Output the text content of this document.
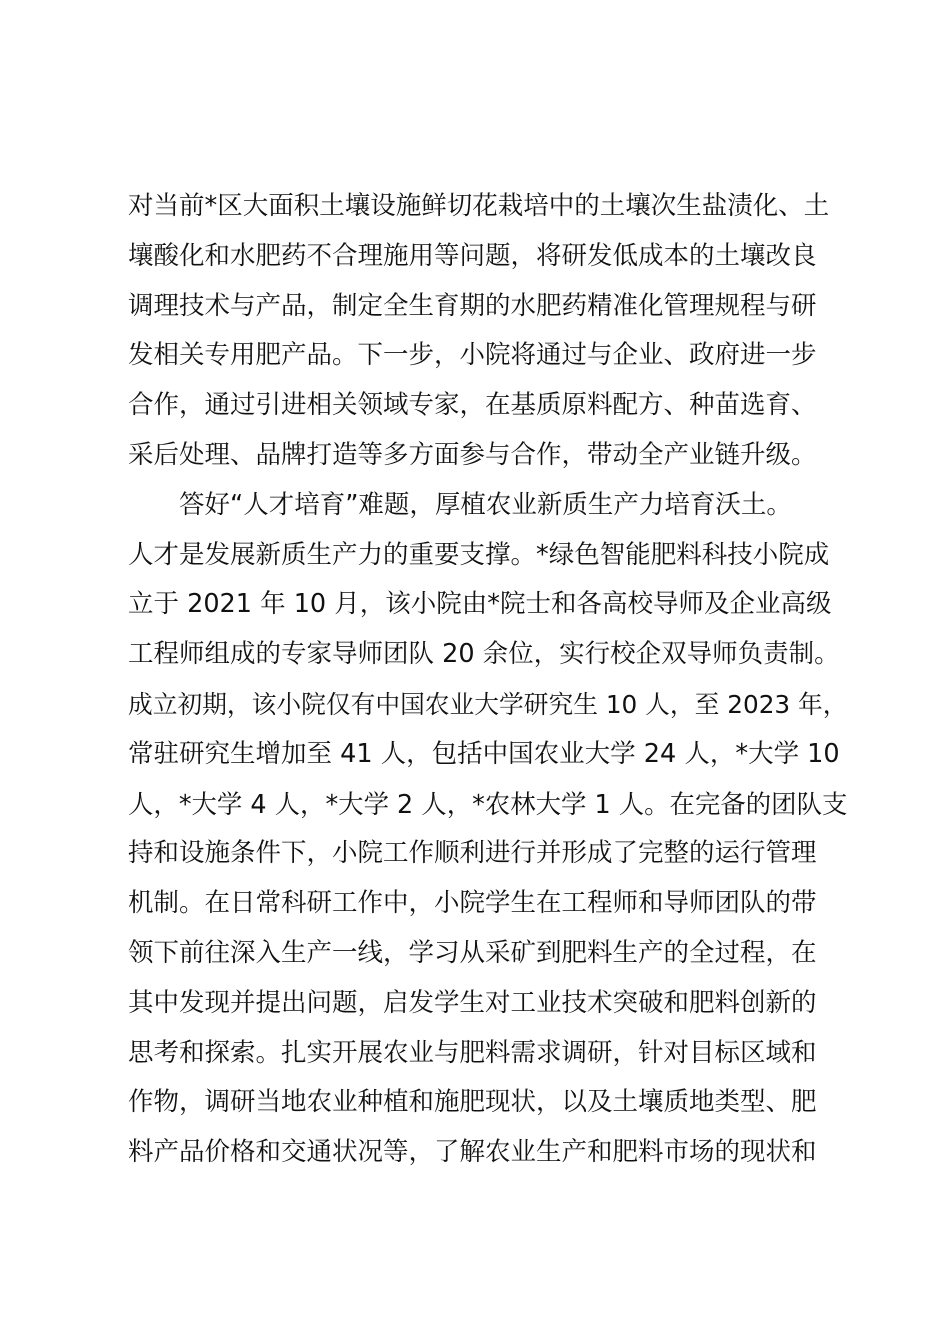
对当前*区大面积土壤设施鲜切花栽培中的土壤次生盐渍化、土
壤酸化和水肥药不合理施用等问题，将研发低成本的土壤改良
调理技术与产品，制定全生育期的水肥药精准化管理规程与研
发相关专用肥产品。下一步，小院将通过与企业、政府进一步
合作，通过引进相关领域专家，在基质原料配方、种苗选育、
采后处理、品牌打造等多方面参与合作，带动全产业链升级。
答好“人才培育”难题，厚植农业新质生产力培育沃土。
人才是发展新质生产力的重要支撑。*绿色智能肥料科技小院成
立于 2021 年 10 月，该小院由*院士和各高校导师及企业高级
工程师组成的专家导师团队 20 余位，实行校企双导师负责制。
成立初期，该小院仅有中国农业大学研究生 10 人，至 2023 年，
常驻研究生增加至 41 人，包括中国农业大学 24 人，*大学 10
人，*大学 4 人，*大学 2 人，*农林大学 1 人。在完备的团队支
持和设施条件下，小院工作顺利进行并形成了完整的运行管理
机制。在日常科研工作中，小院学生在工程师和导师团队的带
领下前往深入生产一线，学习从采矿到肥料生产的全过程，在
其中发现并提出问题，启发学生对工业技术突破和肥料创新的
思考和探索。扎实开展农业与肥料需求调研，针对目标区域和
作物，调研当地农业种植和施肥现状，以及土壤质地类型、肥
料产品价格和交通状况等，了解农业生产和肥料市场的现状和
